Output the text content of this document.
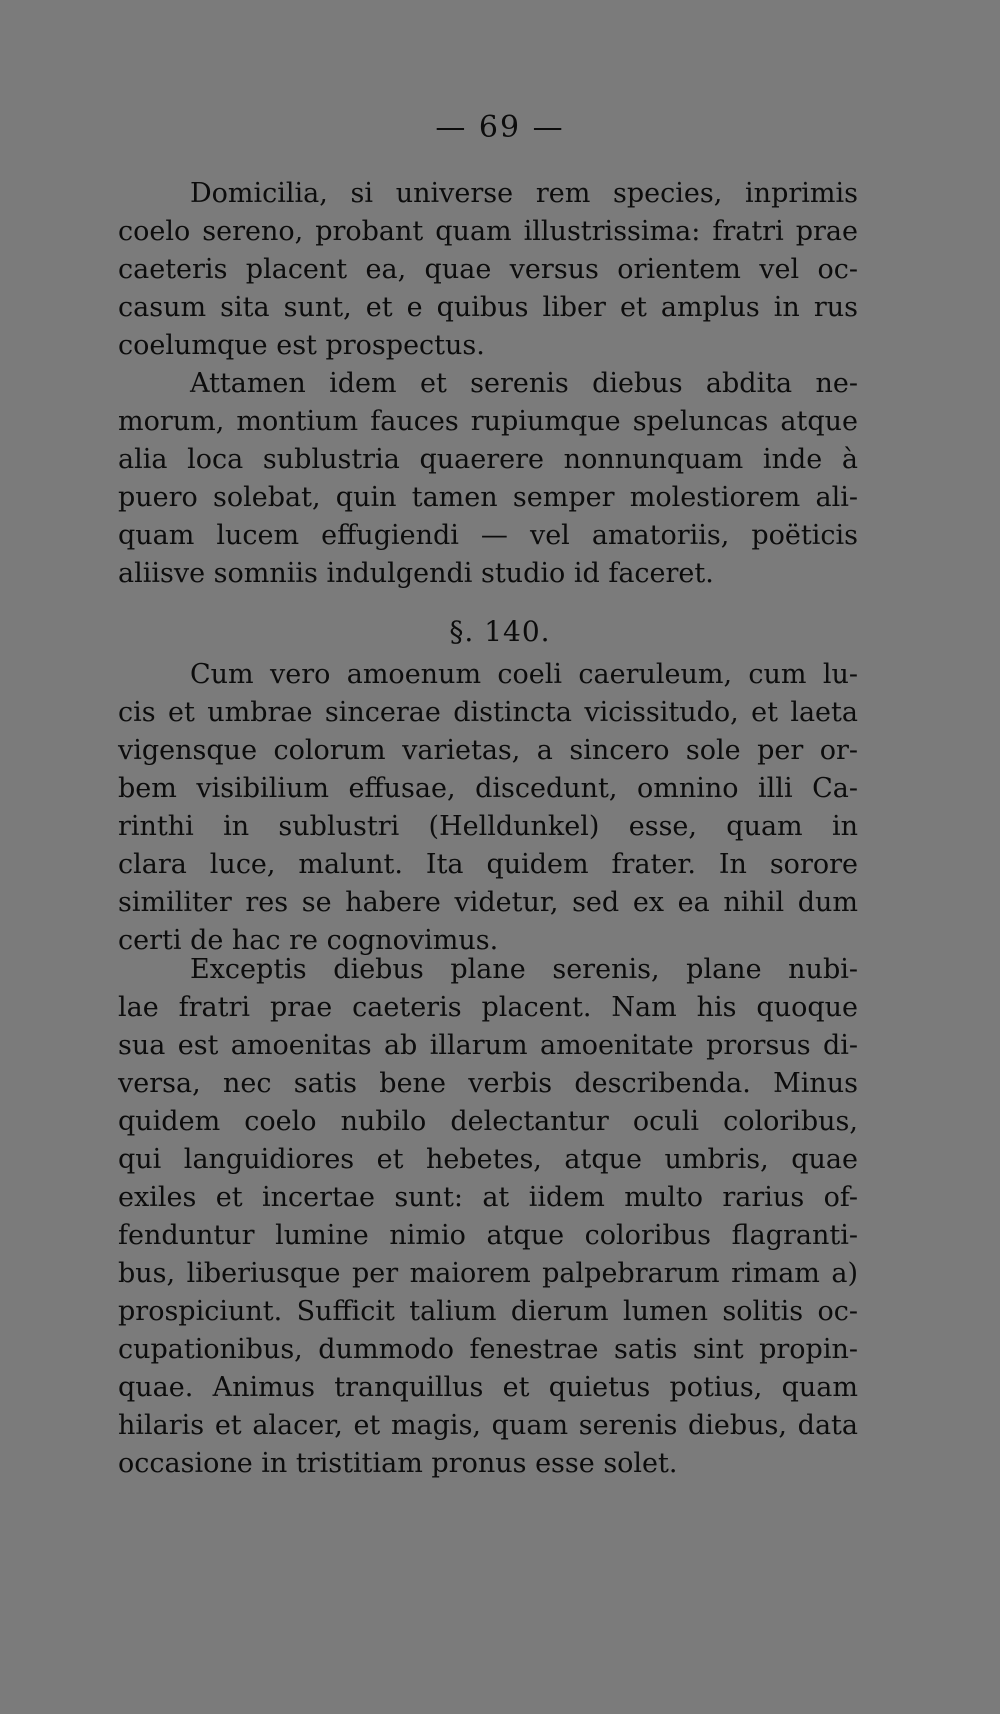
— 69 —
Domicilia, si universe rem species, inprimis
coelo sereno, probant quam illustrissima: fratri prae
caeteris placent ea, quae versus orientem vel oc-
casum sita sunt, et e quibus liber et amplus in rus
coelumque est prospectus.
Attamen idem et serenis diebus abdita ne-
morum, montium fauces rupiumque speluncas atque
alia loca sublustria quaerere nonnunquam inde à
puero solebat, quin tamen semper molestiorem ali-
quam lucem effugiendi — vel amatoriis, poëticis
aliisve somniis indulgendi studio id faceret.
§. 140.
Cum vero amoenum coeli caeruleum, cum lu-
cis et umbrae sincerae distincta vicissitudo, et laeta
vigensque colorum varietas, a sincero sole per or-
bem visibilium effusae, discedunt, omnino illi Ca-
rinthi in sublustri (Helldunkel) esse, quam in
clara luce, malunt. Ita quidem frater. In sorore
similiter res se habere videtur, sed ex ea nihil dum
certi de hac re cognovimus.
Exceptis diebus plane serenis, plane nubi-
lae fratri prae caeteris placent. Nam his quoque
sua est amoenitas ab illarum amoenitate prorsus di-
versa, nec satis bene verbis describenda. Minus
quidem coelo nubilo delectantur oculi coloribus,
qui languidiores et hebetes, atque umbris, quae
exiles et incertae sunt: at iidem multo rarius of-
fenduntur lumine nimio atque coloribus flagranti-
bus, liberiusque per maiorem palpebrarum rimam a)
prospiciunt. Sufficit talium dierum lumen solitis oc-
cupationibus, dummodo fenestrae satis sint propin-
quae. Animus tranquillus et quietus potius, quam
hilaris et alacer, et magis, quam serenis diebus, data
occasione in tristitiam pronus esse solet.
